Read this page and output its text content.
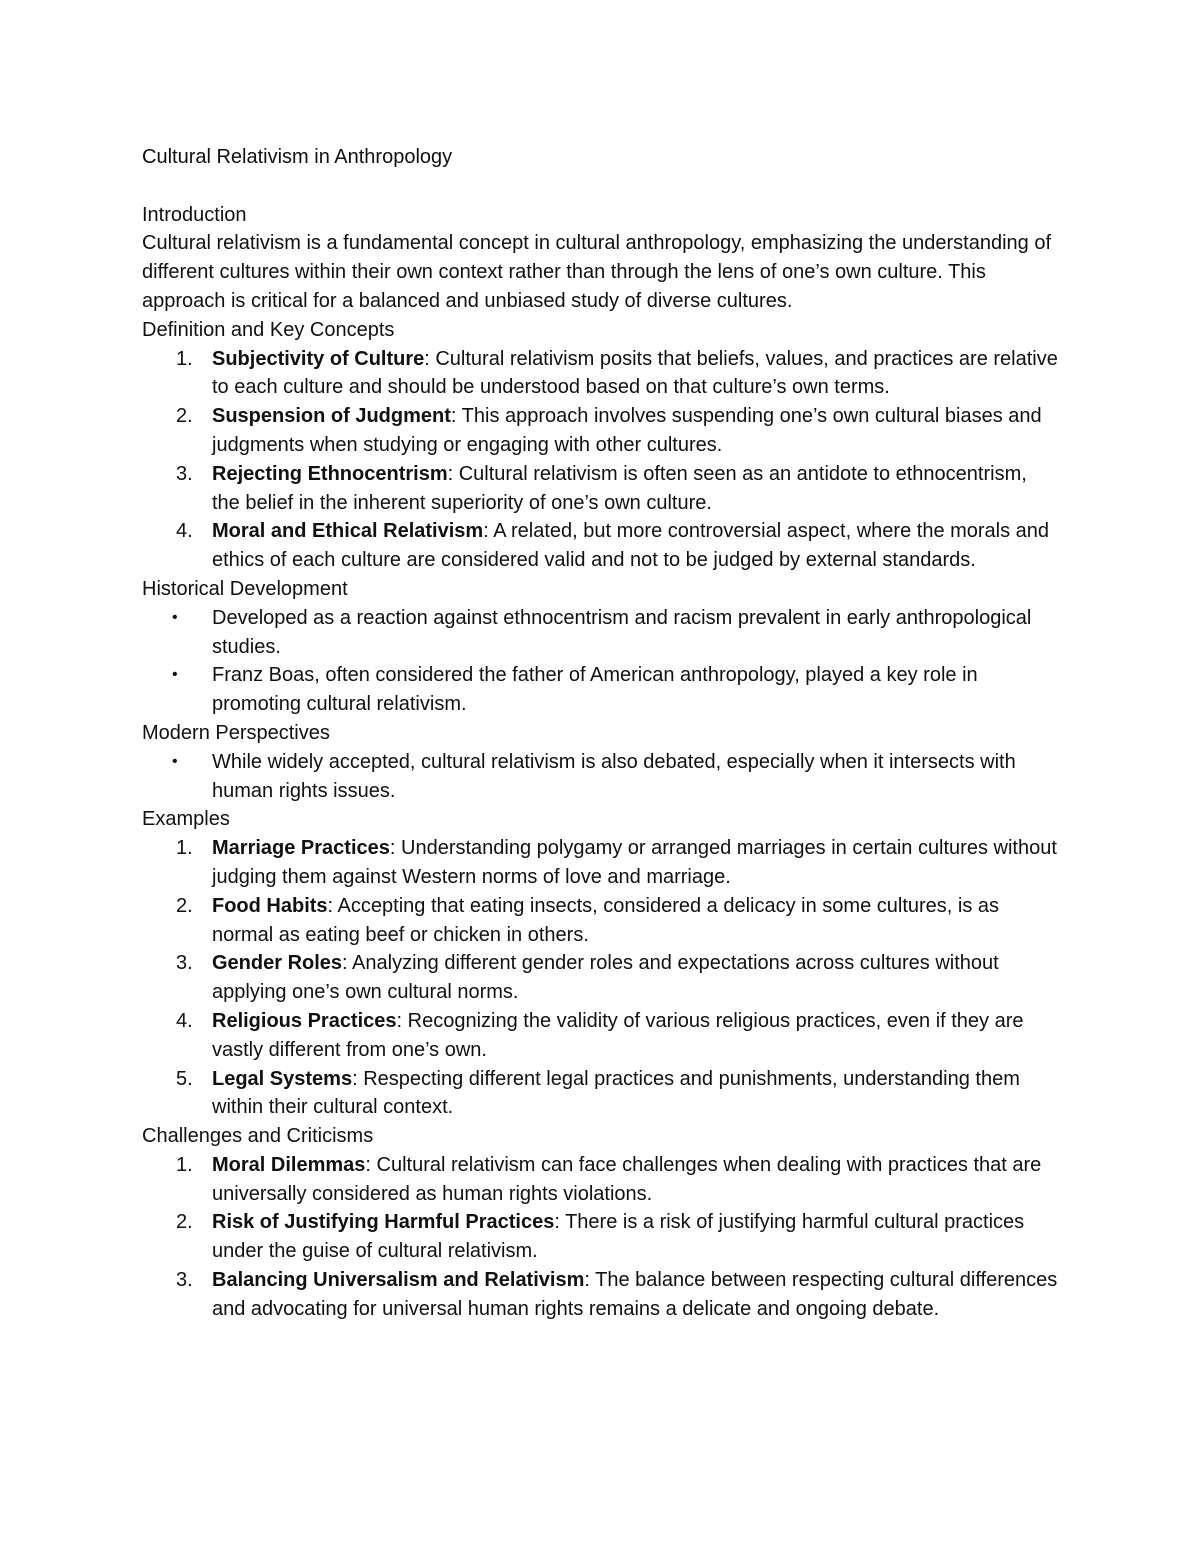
Cultural Relativism in Anthropology

Introduction

Cultural relativism is a fundamental concept in cultural anthropology, emphasizing the understanding of different cultures within their own context rather than through the lens of one’s own culture. This approach is critical for a balanced and unbiased study of diverse cultures.

Definition and Key Concepts

1. Subjectivity of Culture: Cultural relativism posits that beliefs, values, and practices are relative to each culture and should be understood based on that culture’s own terms.
2. Suspension of Judgment: This approach involves suspending one’s own cultural biases and judgments when studying or engaging with other cultures.
3. Rejecting Ethnocentrism: Cultural relativism is often seen as an antidote to ethnocentrism, the belief in the inherent superiority of one’s own culture.
4. Moral and Ethical Relativism: A related, but more controversial aspect, where the morals and ethics of each culture are considered valid and not to be judged by external standards.

Historical Development

•	Developed as a reaction against ethnocentrism and racism prevalent in early anthropological studies.
•	Franz Boas, often considered the father of American anthropology, played a key role in promoting cultural relativism.

Modern Perspectives

•	While widely accepted, cultural relativism is also debated, especially when it intersects with human rights issues.

Examples

1. Marriage Practices: Understanding polygamy or arranged marriages in certain cultures without judging them against Western norms of love and marriage.
2. Food Habits: Accepting that eating insects, considered a delicacy in some cultures, is as normal as eating beef or chicken in others.
3. Gender Roles: Analyzing different gender roles and expectations across cultures without applying one’s own cultural norms.
4. Religious Practices: Recognizing the validity of various religious practices, even if they are vastly different from one’s own.
5. Legal Systems: Respecting different legal practices and punishments, understanding them within their cultural context.

Challenges and Criticisms

1. Moral Dilemmas: Cultural relativism can face challenges when dealing with practices that are universally considered as human rights violations.
2. Risk of Justifying Harmful Practices: There is a risk of justifying harmful cultural practices under the guise of cultural relativism.
3. Balancing Universalism and Relativism: The balance between respecting cultural differences and advocating for universal human rights remains a delicate and ongoing debate.
